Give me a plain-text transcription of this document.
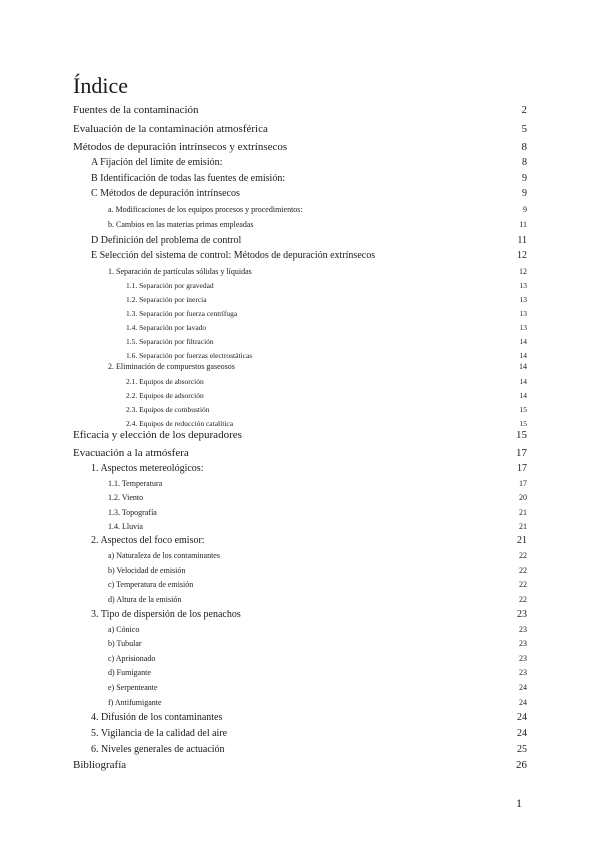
Índice
Fuentes de la contaminación	2
Evaluación de la contaminación atmosférica	5
Métodos de depuración intrínsecos y extrínsecos	8
A Fijación del límite de emisión:	8
B Identificación de todas las fuentes de emisión:	9
C Métodos de depuración intrínsecos	9
a. Modificaciones de los equipos procesos y procedimientos:	9
b. Cambios en las materias primas empleadas	11
D Definición del problema de control	11
E Selección del sistema de control: Métodos de depuración extrínsecos	12
1. Separación de partículas sólidas y líquidas	12
1.1. Separación por gravedad	13
1.2. Separación por inercia	13
1.3. Separación por fuerza centrífuga	13
1.4. Separación por lavado	13
1.5. Separación por filtración	14
1.6. Separación por fuerzas electrostáticas	14
2. Eliminación de compuestos gaseosos	14
2.1. Equipos de absorción	14
2.2. Equipos de adsorción	14
2.3. Equipos de combustión	15
2.4. Equipos de reducción catalítica	15
Eficacia y elección de los depuradores	15
Evacuación a la atmósfera	17
1. Aspectos metereológicos:	17
1.1. Temperatura	17
1.2. Viento	20
1.3. Topografía	21
1.4. Lluvia	21
2. Aspectos del foco emisor:	21
a) Naturaleza de los contaminantes	22
b) Velocidad de emisión	22
c) Temperatura de emisión	22
d) Altura de la emisión	22
3. Tipo de dispersión de los penachos	23
a) Cónico	23
b) Tubular	23
c) Aprisionado	23
d) Fumigante	23
e) Serpenteante	24
f) Antifumigante	24
4. Difusión de los contaminantes	24
5. Vigilancia de la calidad del aire	24
6. Niveles generales de actuación	25
Bibliografía	26
1
